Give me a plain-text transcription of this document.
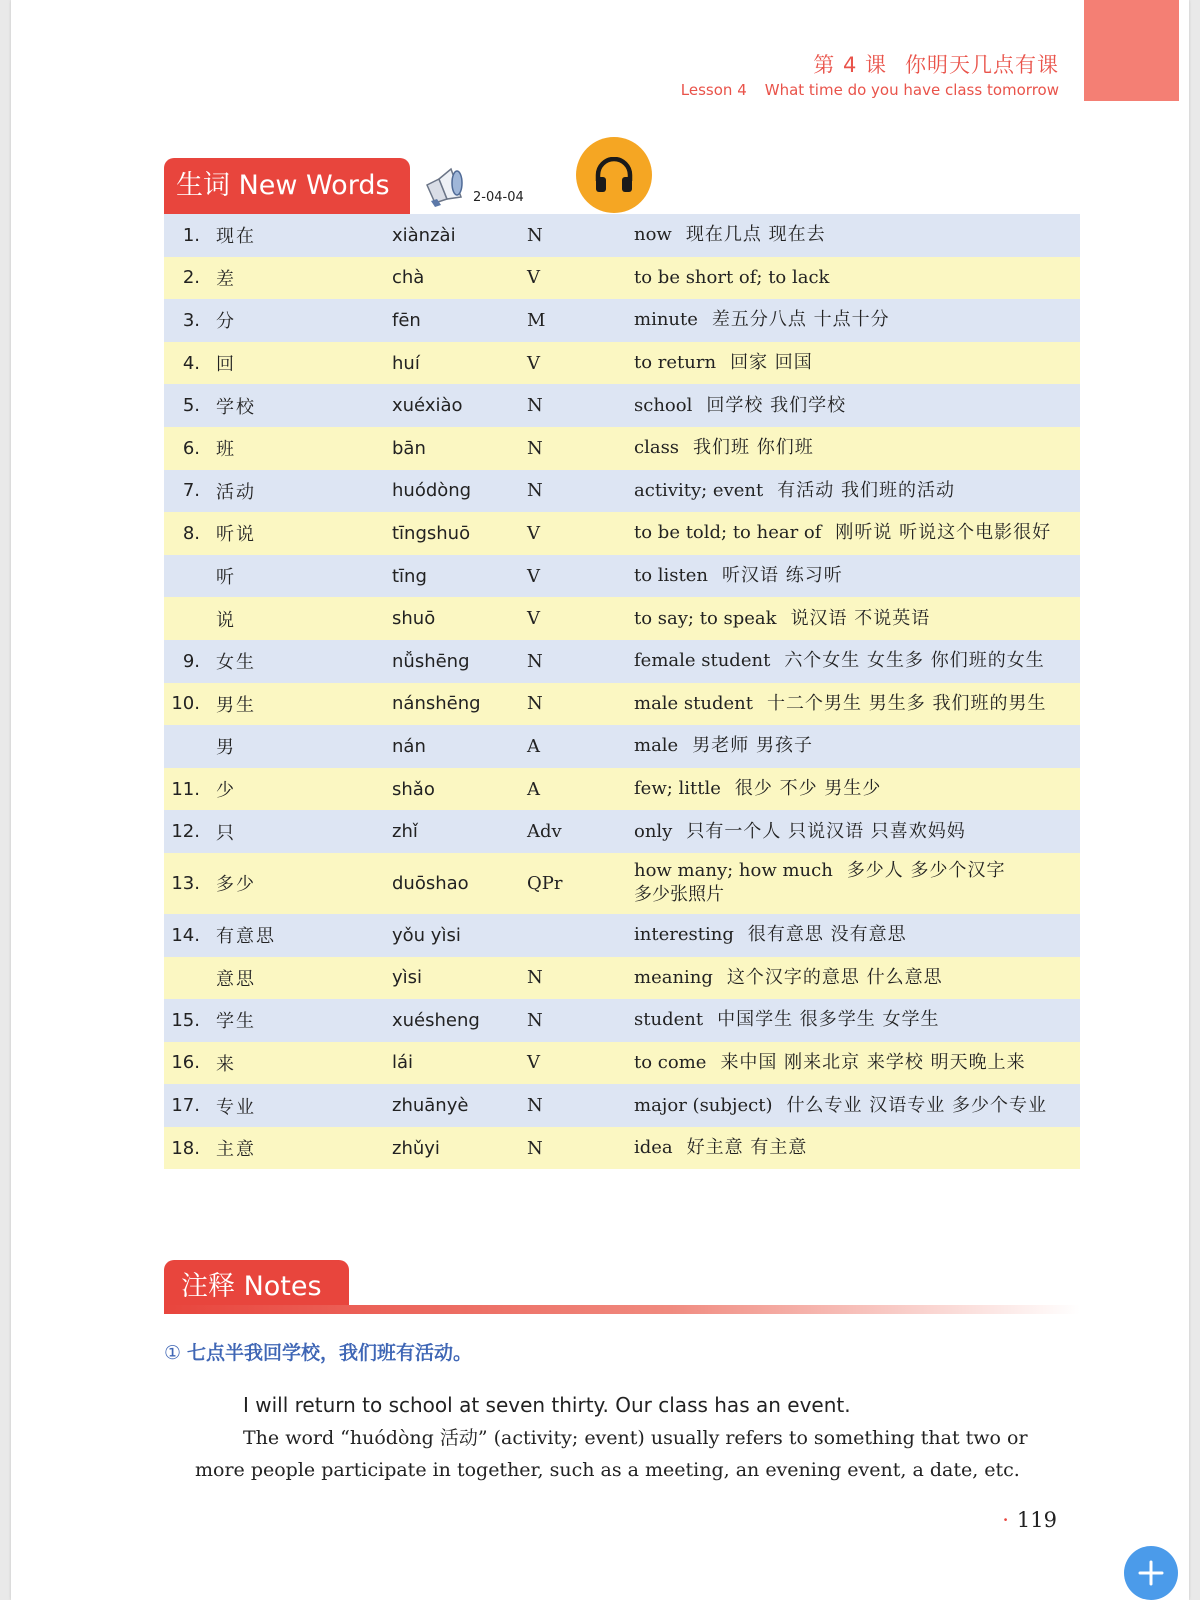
第 4 课 你明天几点有课
Lesson 4 What time do you have class tomorrow
生词 New Words	2-04-04
1.	现在	xiànzài	N	now 现在几点 现在去
2.	差	chà	V	to be short of; to lack
3.	分	fēn	M	minute 差五分八点 十点十分
4.	回	huí	V	to return 回家 回国
5.	学校	xuéxiào	N	school 回学校 我们学校
6.	班	bān	N	class 我们班 你们班
7.	活动	huódòng	N	activity; event 有活动 我们班的活动
8.	听说	tīngshuō	V	to be told; to hear of 刚听说 听说这个电影很好
	听	tīng	V	to listen 听汉语 练习听
	说	shuō	V	to say; to speak 说汉语 不说英语
9.	女生	nǚshēng	N	female student 六个女生 女生多 你们班的女生
10.	男生	nánshēng	N	male student 十二个男生 男生多 我们班的男生
	男	nán	A	male 男老师 男孩子
11.	少	shǎo	A	few; little 很少 不少 男生少
12.	只	zhǐ	Adv	only 只有一个人 只说汉语 只喜欢妈妈
13.	多少	duōshao	QPr	how many; how much 多少人 多少个汉字
多少张照片
14.	有意思	yǒu yìsi		interesting 很有意思 没有意思
	意思	yìsi	N	meaning 这个汉字的意思 什么意思
15.	学生	xuésheng	N	student 中国学生 很多学生 女学生
16.	来	lái	V	to come 来中国 刚来北京 来学校 明天晚上来
17.	专业	zhuānyè	N	major (subject) 什么专业 汉语专业 多少个专业
18.	主意	zhǔyi	N	idea 好主意 有主意
注释 Notes
① 七点半我回学校，我们班有活动。
I will return to school at seven thirty. Our class has an event.

The word “huódòng 活动” (activity; event) usually refers to something that two or more people participate in together, such as a meeting, an evening event, a date, etc.

· 119
